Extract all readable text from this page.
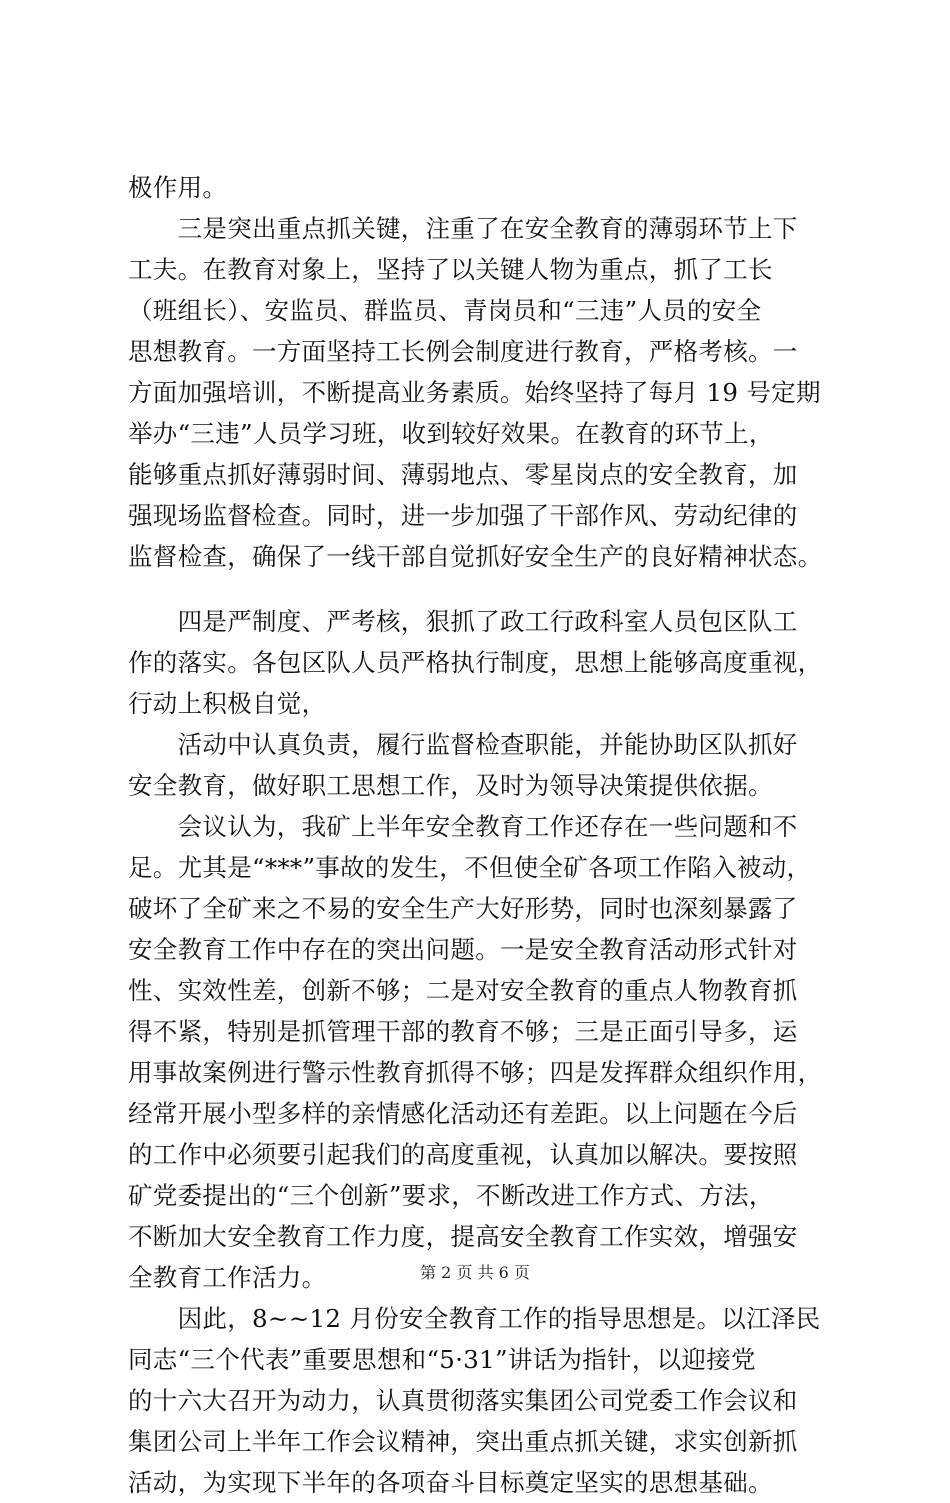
极作用。
　　三是突出重点抓关键，注重了在安全教育的薄弱环节上下
工夫。在教育对象上，坚持了以关键人物为重点，抓了工长
（班组长）、安监员、群监员、青岗员和“三违”人员的安全
思想教育。一方面坚持工长例会制度进行教育，严格考核。一
方面加强培训，不断提高业务素质。始终坚持了每月 19 号定期
举办“三违”人员学习班，收到较好效果。在教育的环节上，
能够重点抓好薄弱时间、薄弱地点、零星岗点的安全教育，加
强现场监督检查。同时，进一步加强了干部作风、劳动纪律的
监督检查，确保了一线干部自觉抓好安全生产的良好精神状态。
　　四是严制度、严考核，狠抓了政工行政科室人员包区队工
作的落实。各包区队人员严格执行制度，思想上能够高度重视，
行动上积极自觉，
　　活动中认真负责，履行监督检查职能，并能协助区队抓好
安全教育，做好职工思想工作，及时为领导决策提供依据。
　　会议认为，我矿上半年安全教育工作还存在一些问题和不
足。尤其是“***”事故的发生，不但使全矿各项工作陷入被动，
破坏了全矿来之不易的安全生产大好形势，同时也深刻暴露了
安全教育工作中存在的突出问题。一是安全教育活动形式针对
性、实效性差，创新不够；二是对安全教育的重点人物教育抓
得不紧，特别是抓管理干部的教育不够；三是正面引导多，运
用事故案例进行警示性教育抓得不够；四是发挥群众组织作用，
经常开展小型多样的亲情感化活动还有差距。以上问题在今后
的工作中必须要引起我们的高度重视，认真加以解决。要按照
矿党委提出的“三个创新”要求，不断改进工作方式、方法，
不断加大安全教育工作力度，提高安全教育工作实效，增强安
全教育工作活力。
　　因此，8~~12 月份安全教育工作的指导思想是。以江泽民
同志“三个代表”重要思想和“5·31”讲话为指针，以迎接党
的十六大召开为动力，认真贯彻落实集团公司党委工作会议和
集团公司上半年工作会议精神，突出重点抓关键，求实创新抓
活动，为实现下半年的各项奋斗目标奠定坚实的思想基础。
第 2 页 共 6 页
